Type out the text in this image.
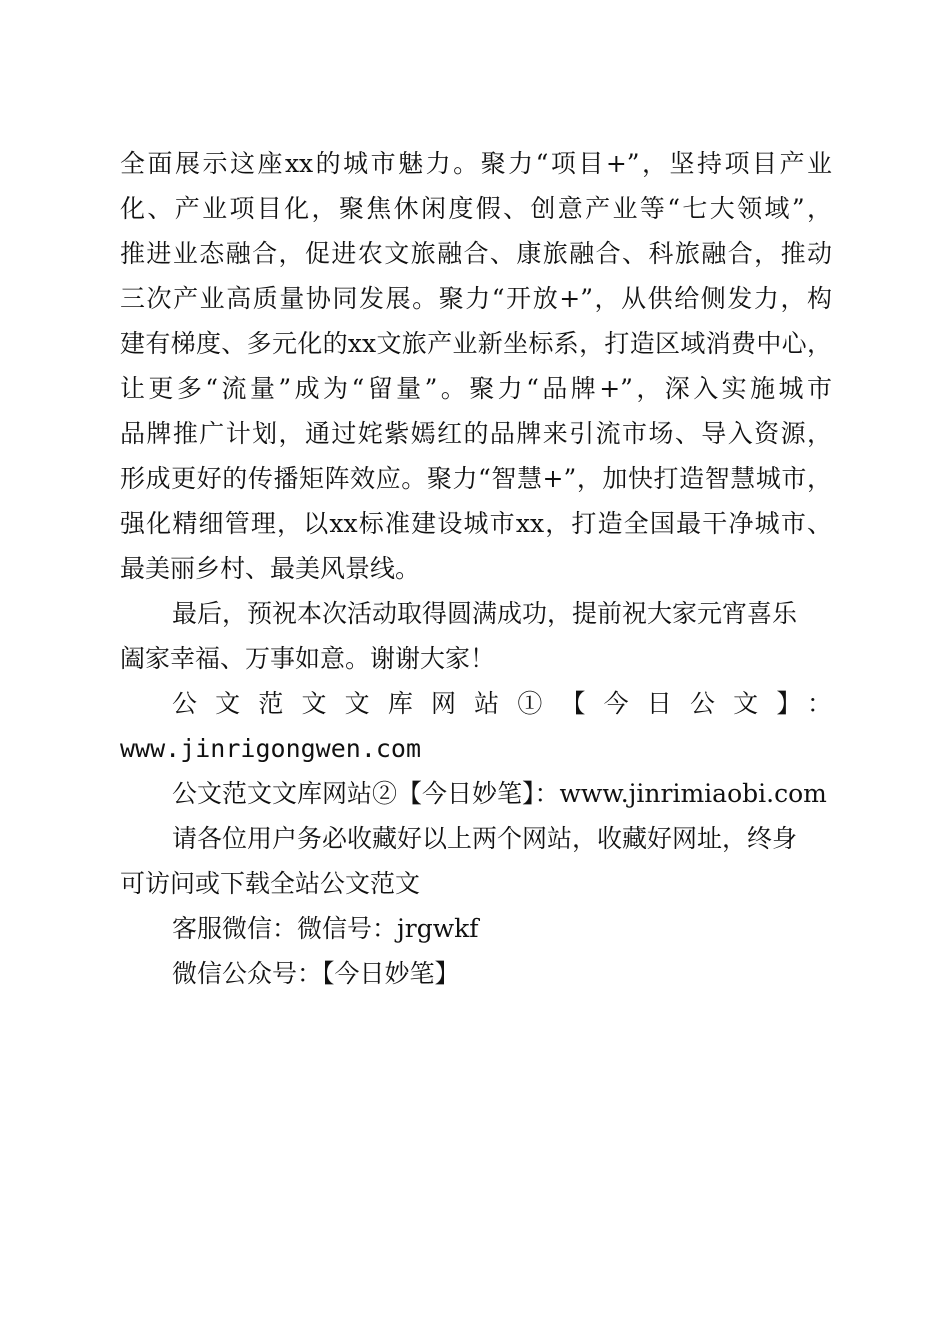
全面展示这座xx的城市魅力。聚力“项目+”，坚持项目产业
化、产业项目化，聚焦休闲度假、创意产业等“七大领域”，
推进业态融合，促进农文旅融合、康旅融合、科旅融合，推动
三次产业高质量协同发展。聚力“开放+”，从供给侧发力，构
建有梯度、多元化的xx文旅产业新坐标系，打造区域消费中心，
让更多“流量”成为“留量”。聚力“品牌+”，深入实施城市
品牌推广计划，通过姹紫嫣红的品牌来引流市场、导入资源，
形成更好的传播矩阵效应。聚力“智慧+”，加快打造智慧城市，
强化精细管理，以xx标准建设城市xx，打造全国最干净城市、
最美丽乡村、最美风景线。
最后，预祝本次活动取得圆满成功，提前祝大家元宵喜乐
阖家幸福、万事如意。谢谢大家！
公文范文文库网站①【今日公文】：
www.jinrigongwen.com
公文范文文库网站②【今日妙笔】：www.jinrimiaobi.com
请各位用户务必收藏好以上两个网站，收藏好网址，终身
可访问或下载全站公文范文
客服微信：微信号：jrgwkf
微信公众号：【今日妙笔】
